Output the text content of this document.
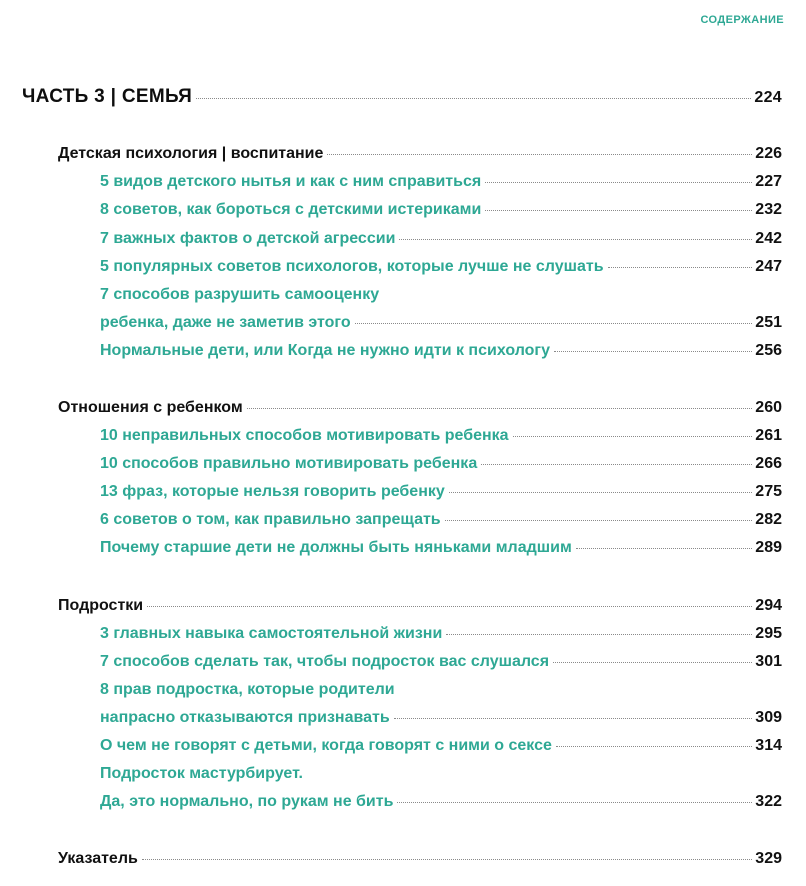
СОДЕРЖАНИЕ
ЧАСТЬ 3 | СЕМЬЯ	224
Детская психология | воспитание	226
5 видов детского нытья и как с ним справиться	227
8 советов, как бороться с детскими истериками	232
7 важных фактов о детской агрессии	242
5 популярных советов психологов, которые лучше не слушать	247
7 способов разрушить самооценку
ребенка, даже не заметив этого	251
Нормальные дети, или Когда не нужно идти к психологу	256
Отношения с ребенком	260
10 неправильных способов мотивировать ребенка	261
10 способов правильно мотивировать ребенка	266
13 фраз, которые нельзя говорить ребенку	275
6 советов о том, как правильно запрещать	282
Почему старшие дети не должны быть няньками младшим	289
Подростки	294
3 главных навыка самостоятельной жизни	295
7 способов сделать так, чтобы подросток вас слушался	301
8 прав подростка, которые родители
напрасно отказываются признавать	309
О чем не говорят с детьми, когда говорят с ними о сексе	314
Подросток мастурбирует.
Да, это нормально, по рукам не бить	322
Указатель	329
